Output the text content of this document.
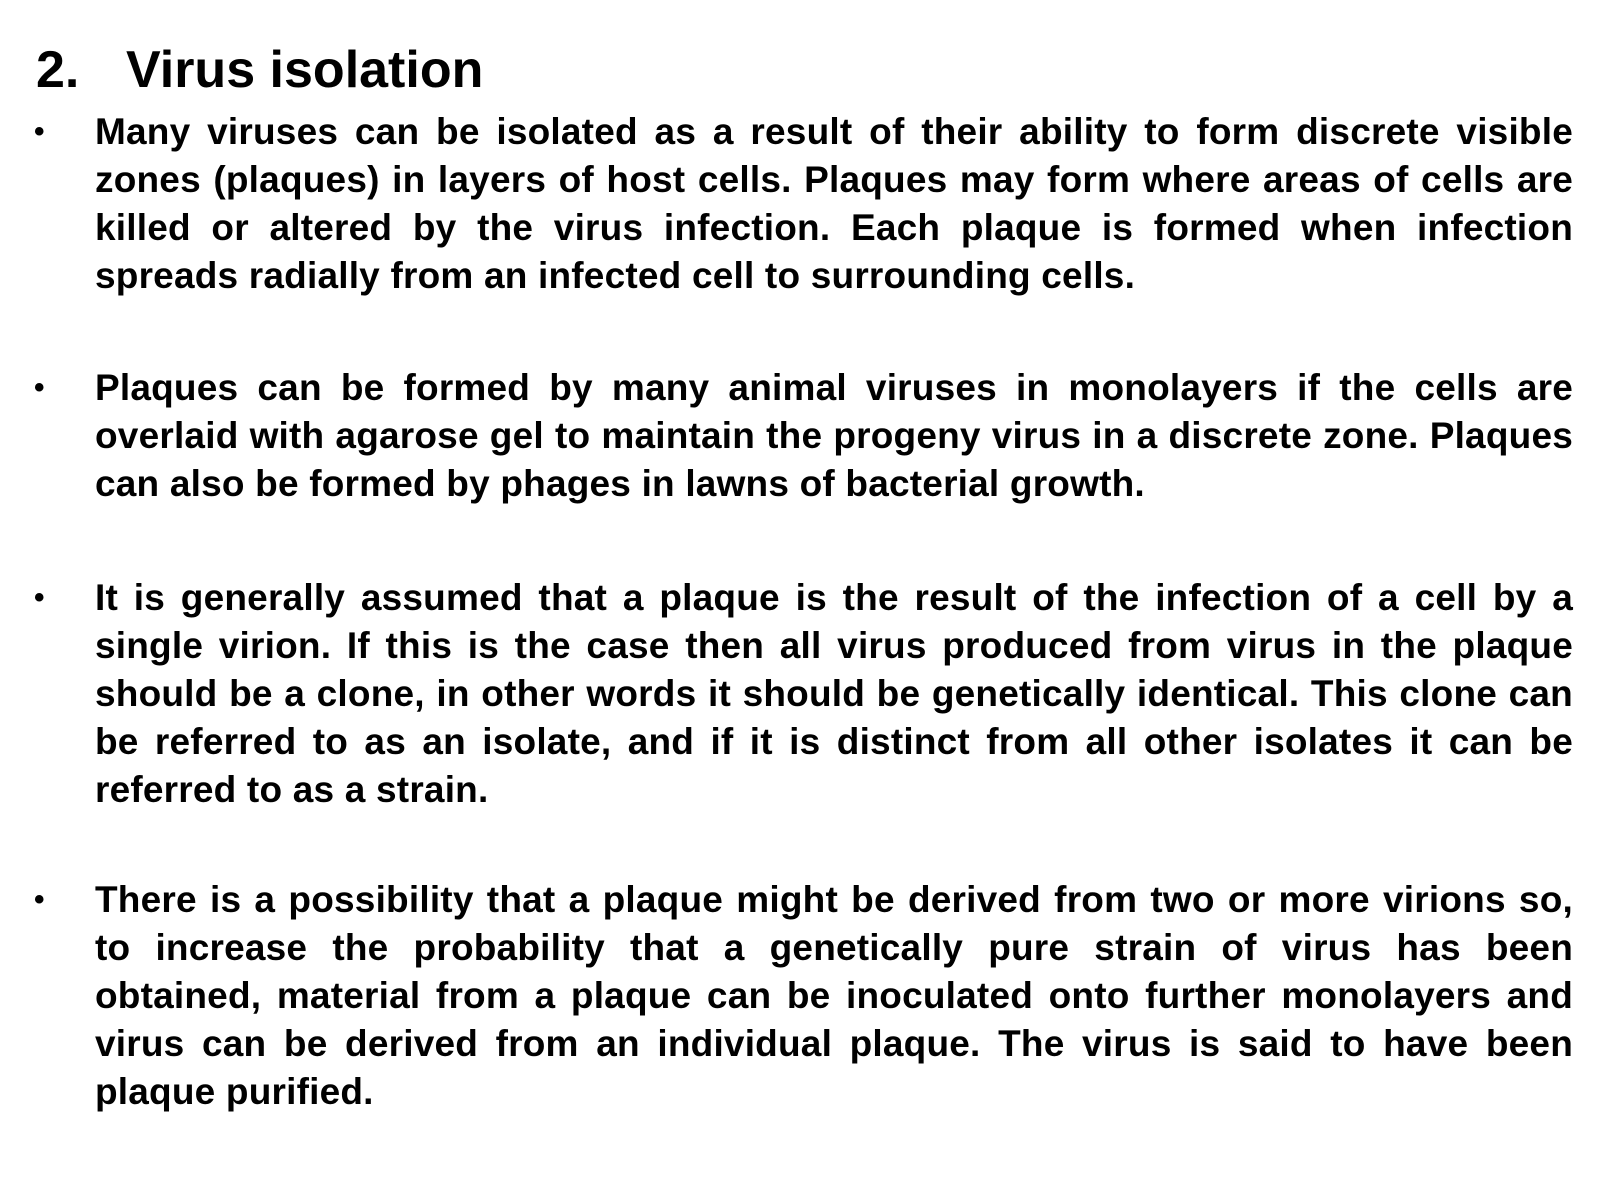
2. Virus isolation
• Many viruses can be isolated as a result of their ability to form discrete visible zones (plaques) in layers of host cells. Plaques may form where areas of cells are killed or altered by the virus infection. Each plaque is formed when infection spreads radially from an infected cell to surrounding cells.
• Plaques can be formed by many animal viruses in monolayers if the cells are overlaid with agarose gel to maintain the progeny virus in a discrete zone. Plaques can also be formed by phages in lawns of bacterial growth.
• It is generally assumed that a plaque is the result of the infection of a cell by a single virion. If this is the case then all virus produced from virus in the plaque should be a clone, in other words it should be genetically identical. This clone can be referred to as an isolate, and if it is distinct from all other isolates it can be referred to as a strain.
• There is a possibility that a plaque might be derived from two or more virions so, to increase the probability that a genetically pure strain of virus has been obtained, material from a plaque can be inoculated onto further monolayers and virus can be derived from an individual plaque. The virus is said to have been plaque purified.
